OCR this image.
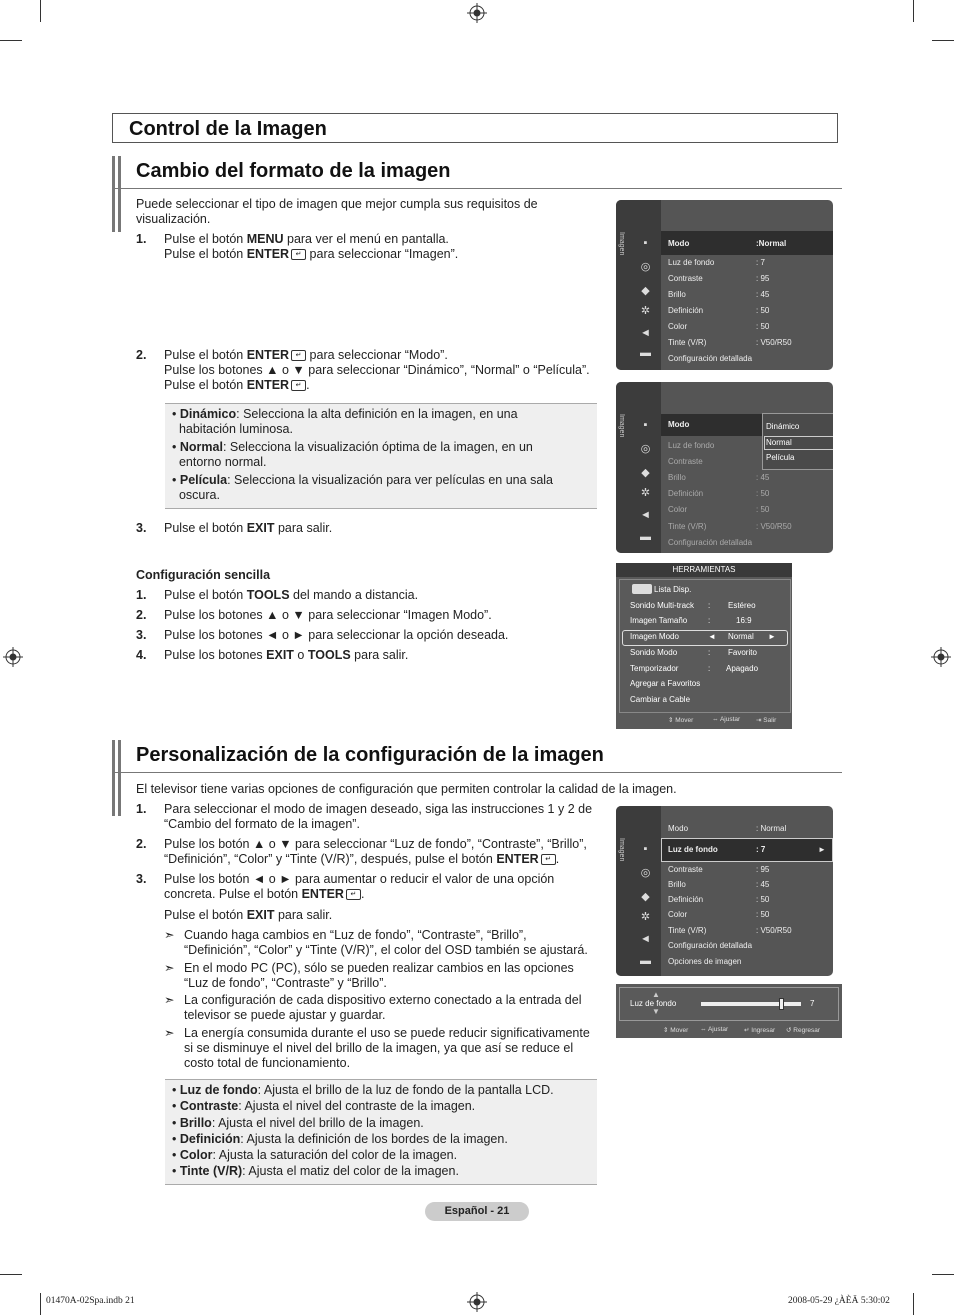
Control de la Imagen
Cambio del formato de la imagen
Puede seleccionar el tipo de imagen que mejor cumpla sus requisitos de visualización.
1. Pulse el botón MENU para ver el menú en pantalla.
Pulse el botón ENTER ↵ para seleccionar “Imagen”.
2. Pulse el botón ENTER ↵ para seleccionar “Modo”.
Pulse los botones ▲ o ▼ para seleccionar “Dinámico”, “Normal” o “Película”.
Pulse el botón ENTER ↵ .
• Dinámico: Selecciona la alta definición en la imagen, en una
habitación luminosa.
• Normal: Selecciona la visualización óptima de la imagen, en un
entorno normal.
• Película: Selecciona la visualización para ver películas en una sala
oscura.
3. Pulse el botón EXIT para salir.
Configuración sencilla
1. Pulse el botón TOOLS del mando a distancia.
2. Pulse los botones ▲ o ▼ para seleccionar “Imagen Modo”.
3. Pulse los botones ◄ o ► para seleccionar la opción deseada.
4. Pulse los botones EXIT o TOOLS para salir.
Imagen	▪
◎
◆
✲
◄
▬
Modo	:Normal
Luz de fondo	: 7
Contraste	: 95
Brillo	: 45
Definición	: 50
Color	: 50
Tinte (V/R)	: V50/R50
Configuración detallada
Imagen	▪
◎
◆
✲
◄
▬
Modo
Luz de fondo
Contraste
Brillo	: 45
Definición	: 50
Color	: 50
Tinte (V/R)	: V50/R50
Configuración detallada
Dinámico
Normal
Película
HERRAMIENTAS
Lista Disp.
Sonido Multi-track : Estéreo
Imagen Tamaño	:	16:9
Imagen Modo	◄ Normal ►
Sonido Modo	: Favorito
Temporizador	: Apagado
Agregar a Favoritos
Cambiar a Cable
⇕ Mover	⇔ Ajustar ⇥ Salir
Personalización de la configuración de la imagen
El televisor tiene varias opciones de configuración que permiten controlar la calidad de la imagen.
1. Para seleccionar el modo de imagen deseado, siga las instrucciones 1 y 2 de
“Cambio del formato de la imagen”.
2. Pulse los botón ▲ o ▼ para seleccionar “Luz de fondo”, “Contraste”, “Brillo”,
“Definición”, “Color” y “Tinte (V/R)”, después, pulse el botón ENTER ↵ .
3. Pulse los botón ◄ o ► para aumentar o reducir el valor de una opción
concreta. Pulse el botón ENTER ↵ .
Pulse el botón EXIT para salir.
➣ Cuando haga cambios en “Luz de fondo”, “Contraste”, “Brillo”,
“Definición”, “Color” y “Tinte (V/R)”, el color del OSD también se ajustará.
➣ En el modo PC (PC), sólo se pueden realizar cambios en las opciones
“Luz de fondo”, “Contraste” y “Brillo”.
➣ La configuración de cada dispositivo externo conectado a la entrada del
televisor se puede ajustar y guardar.
➣ La energía consumida durante el uso se puede reducir significativamente
si se disminuye el nivel del brillo de la imagen, ya que así se reduce el
costo total de funcionamiento.
• Luz de fondo: Ajusta el brillo de la luz de fondo de la pantalla LCD.
• Contraste: Ajusta el nivel del contraste de la imagen.
• Brillo: Ajusta el nivel del brillo de la imagen.
• Definición: Ajusta la definición de los bordes de la imagen.
• Color: Ajusta la saturación del color de la imagen.
• Tinte (V/R): Ajusta el matiz del color de la imagen.
Imagen	▪
◎
◆
✲
◄
▬
Modo	: Normal
Luz de fondo	: 7	►
Contraste	: 95
Brillo	: 45
Definición	: 50
Color	: 50
Tinte (V/R)	: V50/R50
Configuración detallada
Opciones de imagen
▲
▼
Luz de fondo	7
⇕ Mover ⇔ Ajustar ↵ Ingresar ↺ Regresar
Español - 21
01470A-02Spa.indb 21	2008-05-29 ¿ÀÈÄ 5:30:02
